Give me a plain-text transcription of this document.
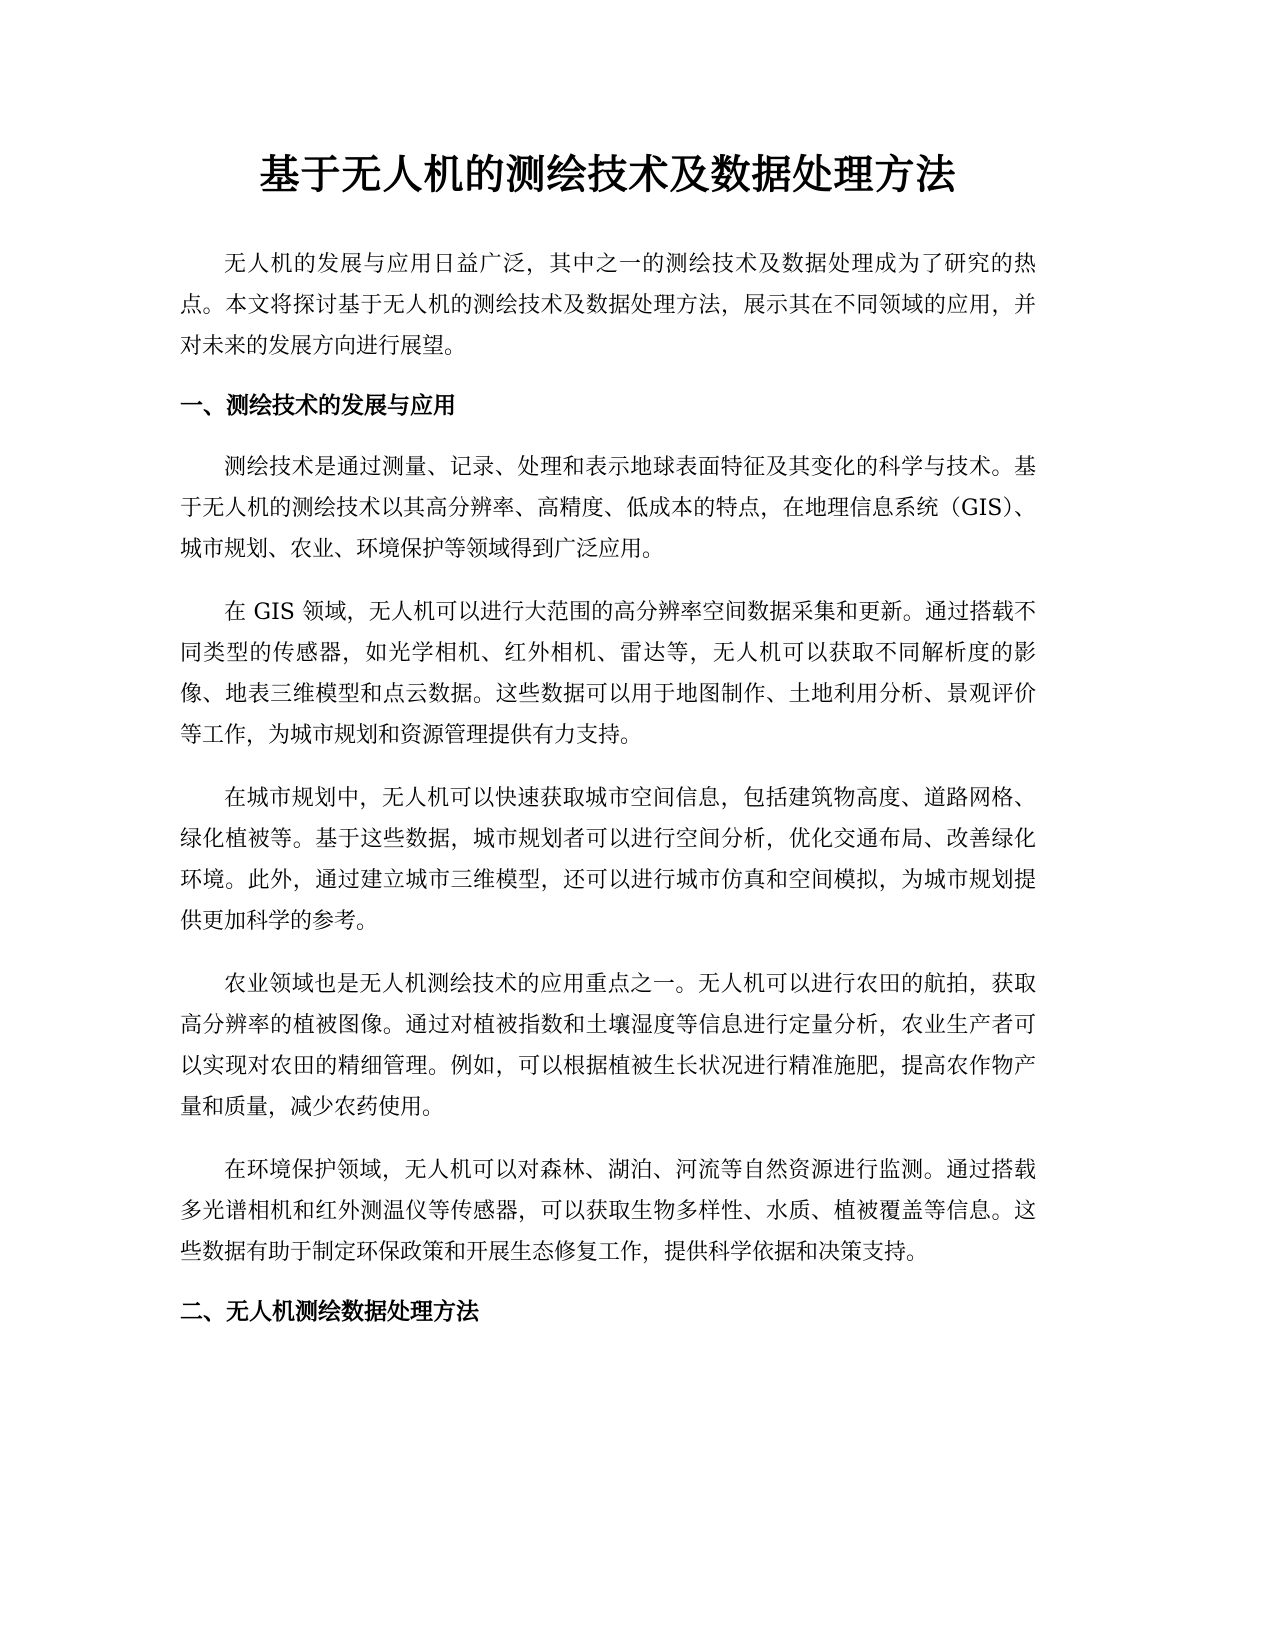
基于无人机的测绘技术及数据处理方法

无人机的发展与应用日益广泛，其中之一的测绘技术及数据处理成为了研究的热点。本文将探讨基于无人机的测绘技术及数据处理方法，展示其在不同领域的应用，并对未来的发展方向进行展望。

一、测绘技术的发展与应用

测绘技术是通过测量、记录、处理和表示地球表面特征及其变化的科学与技术。基于无人机的测绘技术以其高分辨率、高精度、低成本的特点，在地理信息系统（GIS）、城市规划、农业、环境保护等领域得到广泛应用。

在 GIS 领域，无人机可以进行大范围的高分辨率空间数据采集和更新。通过搭载不同类型的传感器，如光学相机、红外相机、雷达等，无人机可以获取不同解析度的影像、地表三维模型和点云数据。这些数据可以用于地图制作、土地利用分析、景观评价等工作，为城市规划和资源管理提供有力支持。

在城市规划中，无人机可以快速获取城市空间信息，包括建筑物高度、道路网格、绿化植被等。基于这些数据，城市规划者可以进行空间分析，优化交通布局、改善绿化环境。此外，通过建立城市三维模型，还可以进行城市仿真和空间模拟，为城市规划提供更加科学的参考。

农业领域也是无人机测绘技术的应用重点之一。无人机可以进行农田的航拍，获取高分辨率的植被图像。通过对植被指数和土壤湿度等信息进行定量分析，农业生产者可以实现对农田的精细管理。例如，可以根据植被生长状况进行精准施肥，提高农作物产量和质量，减少农药使用。

在环境保护领域，无人机可以对森林、湖泊、河流等自然资源进行监测。通过搭载多光谱相机和红外测温仪等传感器，可以获取生物多样性、水质、植被覆盖等信息。这些数据有助于制定环保政策和开展生态修复工作，提供科学依据和决策支持。

二、无人机测绘数据处理方法
